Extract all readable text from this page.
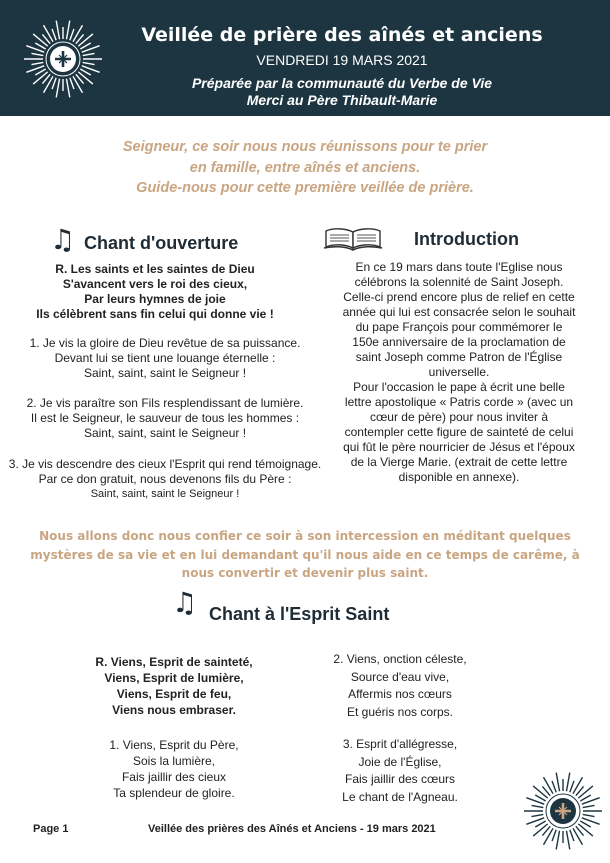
Veillée de prière des aînés et anciens
VENDREDI 19 MARS 2021
Préparée par la communauté du Verbe de Vie
Merci au Père Thibault-Marie
Seigneur, ce soir nous nous réunissons pour te prier
en famille, entre aînés et anciens.
Guide-nous pour cette première veillée de prière.
♫ Chant d'ouverture

R. Les saints et les saintes de Dieu

S'avancent vers le roi des cieux,

Par leurs hymnes de joie

Ils célèbrent sans fin celui qui donne vie !

1. Je vis la gloire de Dieu revêtue de sa puissance.

Devant lui se tient une louange éternelle :

Saint, saint, saint le Seigneur !

2. Je vis paraître son Fils resplendissant de lumière.

Il est le Seigneur, le sauveur de tous les hommes :

Saint, saint, saint le Seigneur !

3. Je vis descendre des cieux l'Esprit qui rend témoignage.

Par ce don gratuit, nous devenons fils du Père :

Saint, saint, saint le Seigneur !

Introduction

En ce 19 mars dans toute l'Eglise nous

célébrons la solennité de Saint Joseph.

Celle-ci prend encore plus de relief en cette

année qui lui est consacrée selon le souhait

du pape François pour commémorer le

150e anniversaire de la proclamation de

saint Joseph comme Patron de l'Église

universelle.

Pour l'occasion le pape à écrit une belle

lettre apostolique « Patris corde » (avec un

cœur de père) pour nous inviter à

contempler cette figure de sainteté de celui

qui fût le père nourricier de Jésus et l'époux

de la Vierge Marie. (extrait de cette lettre

disponible en annexe).

Nous allons donc nous confier ce soir à son intercession en méditant quelques
mystères de sa vie et en lui demandant qu'il nous aide en ce temps de carême, à
nous convertir et devenir plus saint.
♫ Chant à l'Esprit Saint

R. Viens, Esprit de sainteté,

Viens, Esprit de lumière,

Viens, Esprit de feu,

Viens nous embraser.

1. Viens, Esprit du Père,

Sois la lumière,

Fais jaillir des cieux

Ta splendeur de gloire.

2. Viens, onction céleste,

Source d'eau vive,

Affermis nos cœurs

Et guéris nos corps.

3. Esprit d'allégresse,

Joie de l'Église,

Fais jaillir des cœurs

Le chant de l'Agneau.

Page 1	Veillée des prières des Aînés et Anciens - 19 mars 2021
